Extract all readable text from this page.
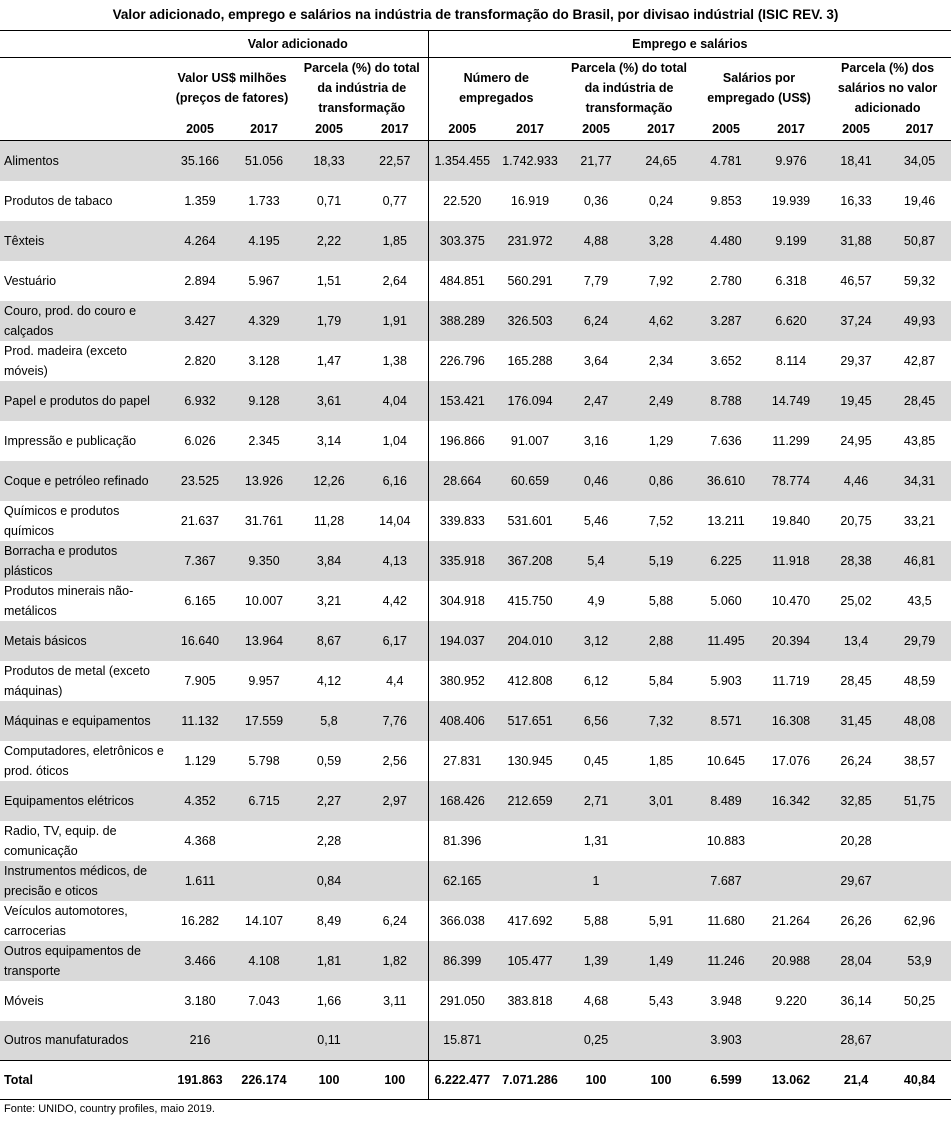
Valor adicionado, emprego e salários na indústria de transformação do Brasil, por divisao indústrial (ISIC REV. 3)
	Valor adicionado				Emprego e salários							
	Valor US$ milhões (preços de fatores)		Parcela (%) do total da indústria de transformação		Número de empregados		Parcela (%) do total da indústria de transformação		Salários por empregado (US$)		Parcela (%) dos salários no valor adicionado	
	2005	2017	2005	2017	2005	2017	2005	2017	2005	2017	2005	2017
Alimentos	35.166	51.056	18,33	22,57	1.354.455	1.742.933	21,77	24,65	4.781	9.976	18,41	34,05
Produtos de tabaco	1.359	1.733	0,71	0,77	22.520	16.919	0,36	0,24	9.853	19.939	16,33	19,46
Têxteis	4.264	4.195	2,22	1,85	303.375	231.972	4,88	3,28	4.480	9.199	31,88	50,87
Vestuário	2.894	5.967	1,51	2,64	484.851	560.291	7,79	7,92	2.780	6.318	46,57	59,32
Couro, prod. do couro e calçados	3.427	4.329	1,79	1,91	388.289	326.503	6,24	4,62	3.287	6.620	37,24	49,93
Prod. madeira (exceto móveis)	2.820	3.128	1,47	1,38	226.796	165.288	3,64	2,34	3.652	8.114	29,37	42,87
Papel e produtos do papel	6.932	9.128	3,61	4,04	153.421	176.094	2,47	2,49	8.788	14.749	19,45	28,45
Impressão e publicação	6.026	2.345	3,14	1,04	196.866	91.007	3,16	1,29	7.636	11.299	24,95	43,85
Coque e petróleo refinado	23.525	13.926	12,26	6,16	28.664	60.659	0,46	0,86	36.610	78.774	4,46	34,31
Químicos e produtos químicos	21.637	31.761	11,28	14,04	339.833	531.601	5,46	7,52	13.211	19.840	20,75	33,21
Borracha e produtos plásticos	7.367	9.350	3,84	4,13	335.918	367.208	5,4	5,19	6.225	11.918	28,38	46,81
Produtos minerais não-metálicos	6.165	10.007	3,21	4,42	304.918	415.750	4,9	5,88	5.060	10.470	25,02	43,5
Metais básicos	16.640	13.964	8,67	6,17	194.037	204.010	3,12	2,88	11.495	20.394	13,4	29,79
Produtos de metal (exceto máquinas)	7.905	9.957	4,12	4,4	380.952	412.808	6,12	5,84	5.903	11.719	28,45	48,59
Máquinas e equipamentos	11.132	17.559	5,8	7,76	408.406	517.651	6,56	7,32	8.571	16.308	31,45	48,08
Computadores, eletrônicos e prod. óticos	1.129	5.798	0,59	2,56	27.831	130.945	0,45	1,85	10.645	17.076	26,24	38,57
Equipamentos elétricos	4.352	6.715	2,27	2,97	168.426	212.659	2,71	3,01	8.489	16.342	32,85	51,75
Radio, TV, equip. de comunicação	4.368		2,28		81.396		1,31		10.883		20,28	
Instrumentos médicos, de precisão e oticos	1.611		0,84		62.165		1		7.687		29,67	
Veículos automotores, carrocerias	16.282	14.107	8,49	6,24	366.038	417.692	5,88	5,91	11.680	21.264	26,26	62,96
Outros equipamentos de transporte	3.466	4.108	1,81	1,82	86.399	105.477	1,39	1,49	11.246	20.988	28,04	53,9
Móveis	3.180	7.043	1,66	3,11	291.050	383.818	4,68	5,43	3.948	9.220	36,14	50,25
Outros manufaturados	216		0,11		15.871		0,25		3.903		28,67	
Total	191.863	226.174	100	100	6.222.477	7.071.286	100	100	6.599	13.062	21,4	40,84
Fonte: UNIDO, country profiles, maio 2019.
